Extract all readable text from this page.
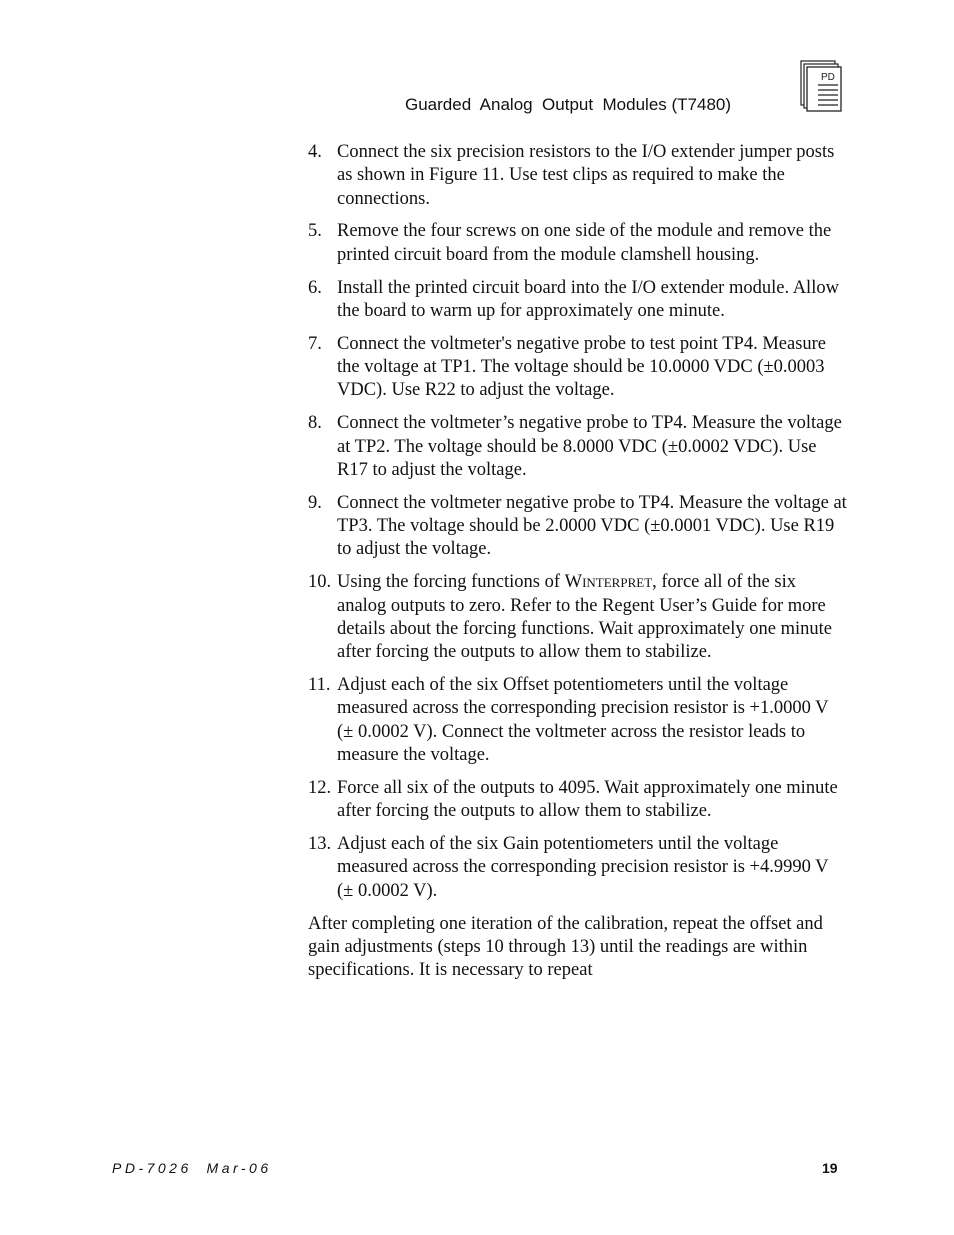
Guarded  Analog  Output  Modules (T7480)
PD
4. Connect the six precision resistors to the I/O extender jumper posts as shown in Figure 11. Use test clips as required to make the connections.
5. Remove the four screws on one side of the module and remove the printed circuit board from the module clamshell housing.
6. Install the printed circuit board into the I/O extender module. Allow the board to warm up for approximately one minute.
7. Connect the voltmeter's negative probe to test point TP4. Measure the voltage at TP1. The voltage should be 10.0000 VDC (±0.0003 VDC). Use R22 to adjust the voltage.
8. Connect the voltmeter’s negative probe to TP4. Measure the voltage at TP2. The voltage should be 8.0000 VDC (±0.0002 VDC). Use R17 to adjust the voltage.
9. Connect the voltmeter negative probe to TP4. Measure the voltage at TP3. The voltage should be 2.0000 VDC (±0.0001 VDC). Use R19 to adjust the voltage.
10. Using the forcing functions of Winterpret, force all of the six analog outputs to zero. Refer to the Regent User’s Guide for more details about the forcing functions. Wait approximately one minute after forcing the outputs to allow them to stabilize.
11. Adjust each of the six Offset potentiometers until the voltage measured across the corresponding precision resistor is +1.0000 V (± 0.0002 V). Connect the voltmeter across the resistor leads to measure the voltage.
12. Force all six of the outputs to 4095. Wait approximately one minute after forcing the outputs to allow them to stabilize.
13. Adjust each of the six Gain potentiometers until the voltage measured across the corresponding precision resistor is +4.9990 V (± 0.0002 V).
After completing one iteration of the calibration, repeat the offset and gain adjustments (steps 10 through 13) until the readings are within specifications. It is necessary to repeat
PD-7026  Mar-06	19
